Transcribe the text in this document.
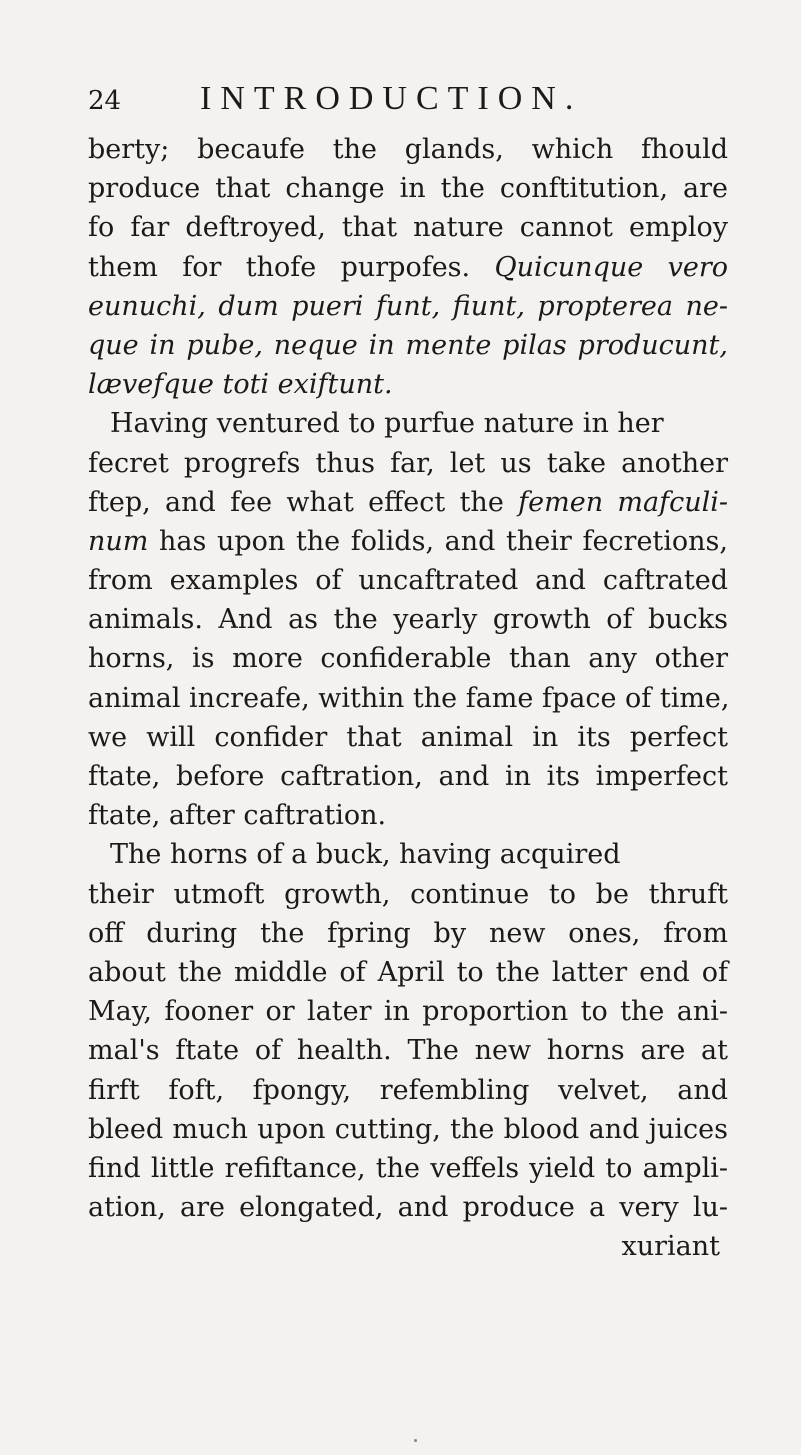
24 INTRODUCTION.
berty; becaufe the glands, which fhould
produce that change in the conftitution, are
fo far deftroyed, that nature cannot employ
them for thofe purpofes. Quicunque vero
eunuchi, dum pueri funt, fiunt, propterea ne-
que in pube, neque in mente pilas producunt,
lævefque toti exiftunt.
Having ventured to purfue nature in her
fecret progrefs thus far, let us take another
ftep, and fee what effect the femen mafculi-
num has upon the folids, and their fecretions,
from examples of uncaftrated and caftrated
animals. And as the yearly growth of bucks
horns, is more confiderable than any other
animal increafe, within the fame fpace of time,
we will confider that animal in its perfect
ftate, before caftration, and in its imperfect
ftate, after caftration.
The horns of a buck, having acquired
their utmoft growth, continue to be thruft
off during the fpring by new ones, from
about the middle of April to the latter end of
May, fooner or later in proportion to the ani-
mal's ftate of health. The new horns are at
firft foft, fpongy, refembling velvet, and
bleed much upon cutting, the blood and juices
find little refiftance, the veffels yield to ampli-
ation, are elongated, and produce a very lu-
xuriant
